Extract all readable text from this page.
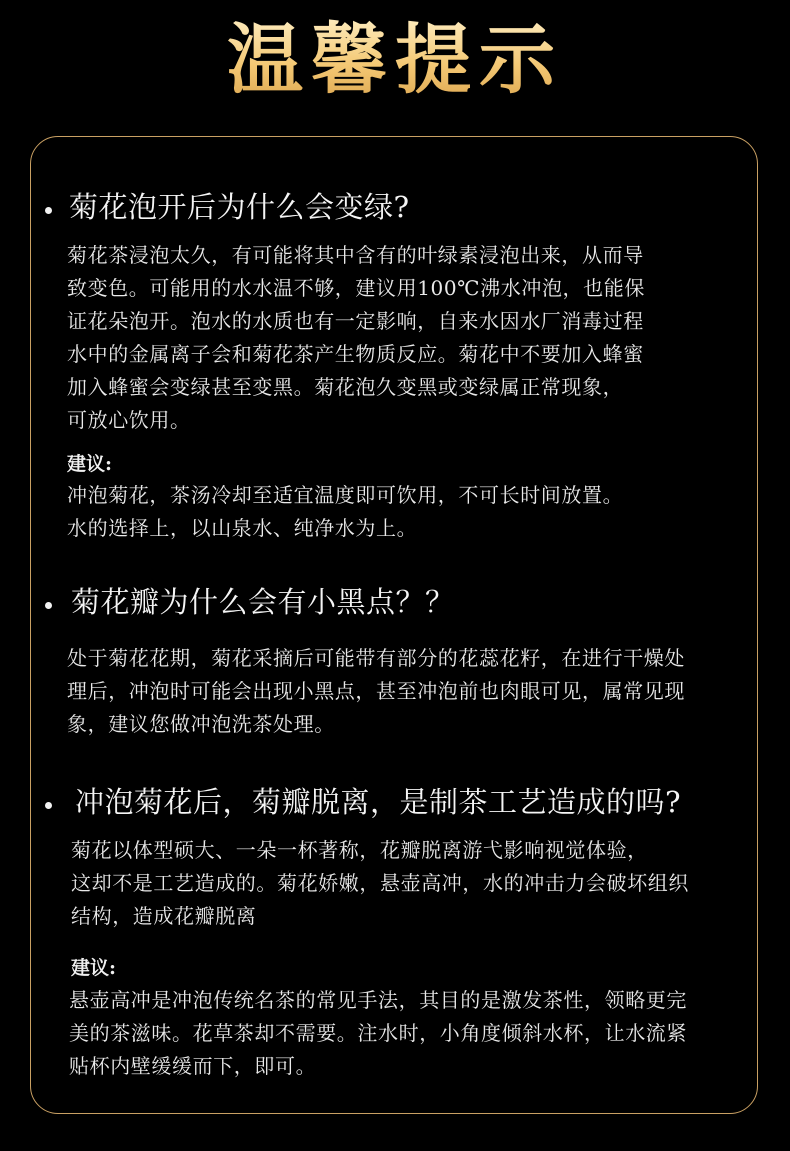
温馨提示
菊花泡开后为什么会变绿?
菊花茶浸泡太久，有可能将其中含有的叶绿素浸泡出来，从而导
致变色。可能用的水水温不够，建议用100℃沸水冲泡，也能保
证花朵泡开。泡水的水质也有一定影响，自来水因水厂消毒过程
水中的金属离子会和菊花茶产生物质反应。菊花中不要加入蜂蜜
加入蜂蜜会变绿甚至变黑。菊花泡久变黑或变绿属正常现象，
可放心饮用。
建议:
冲泡菊花，茶汤冷却至适宜温度即可饮用，不可长时间放置。
水的选择上，以山泉水、纯净水为上。
菊花瓣为什么会有小黑点？？
处于菊花花期，菊花采摘后可能带有部分的花蕊花籽，在进行干燥处
理后，冲泡时可能会出现小黑点，甚至冲泡前也肉眼可见，属常见现
象，建议您做冲泡洗茶处理。
冲泡菊花后，菊瓣脱离，是制茶工艺造成的吗?
菊花以体型硕大、一朵一杯著称，花瓣脱离游弋影响视觉体验，
这却不是工艺造成的。菊花娇嫩，悬壶高冲，水的冲击力会破坏组织
结构，造成花瓣脱离
建议:
悬壶高冲是冲泡传统名茶的常见手法，其目的是激发茶性，领略更完
美的茶滋味。花草茶却不需要。注水时，小角度倾斜水杯，让水流紧
贴杯内壁缓缓而下，即可。
